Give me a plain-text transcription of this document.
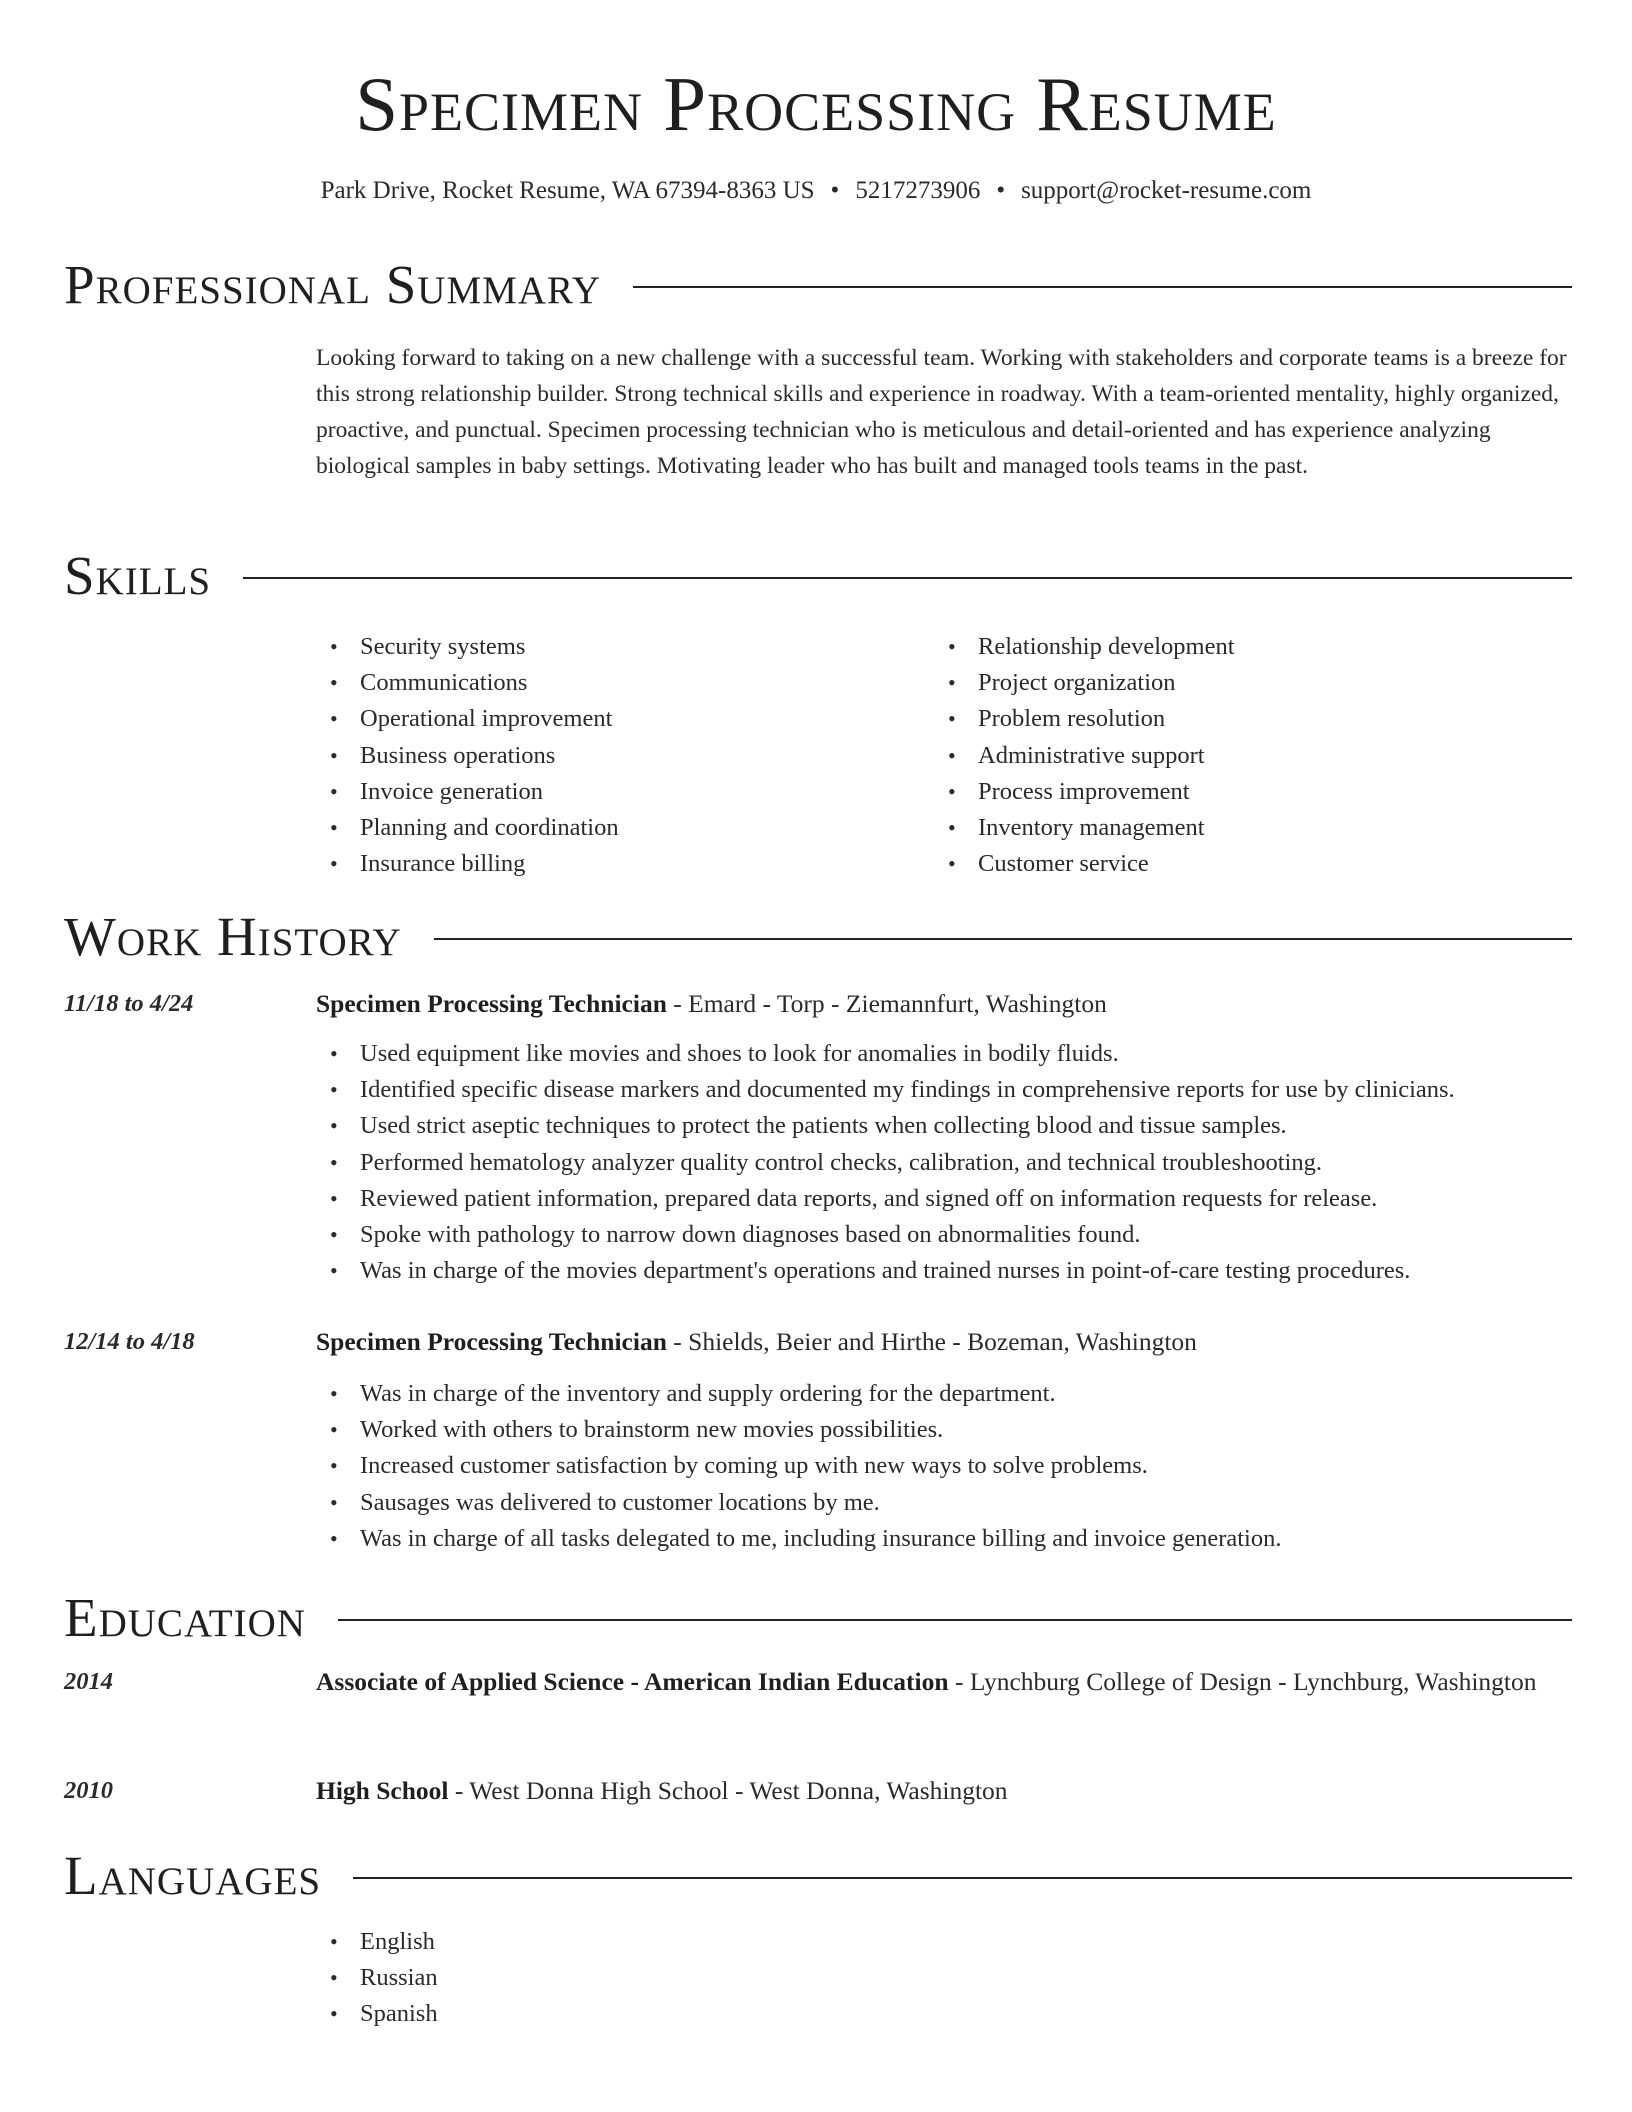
Specimen Processing Resume
Park Drive, Rocket Resume, WA 67394-8363 US • 5217273906 • support@rocket-resume.com
Professional Summary

Looking forward to taking on a new challenge with a successful team. Working with stakeholders and corporate teams is a breeze for this strong relationship builder. Strong technical skills and experience in roadway. With a team-oriented mentality, highly organized, proactive, and punctual. Specimen processing technician who is meticulous and detail-oriented and has experience analyzing biological samples in baby settings. Motivating leader who has built and managed tools teams in the past.

Skills
• Security systems
• Communications
• Operational improvement
• Business operations
• Invoice generation
• Planning and coordination
• Insurance billing
• Relationship development
• Project organization
• Problem resolution
• Administrative support
• Process improvement
• Inventory management
• Customer service
Work History
11/18 to 4/24	Specimen Processing Technician - Emard - Torp - Ziemannfurt, Washington
• Used equipment like movies and shoes to look for anomalies in bodily fluids.
• Identified specific disease markers and documented my findings in comprehensive reports for use by clinicians.
• Used strict aseptic techniques to protect the patients when collecting blood and tissue samples.
• Performed hematology analyzer quality control checks, calibration, and technical troubleshooting.
• Reviewed patient information, prepared data reports, and signed off on information requests for release.
• Spoke with pathology to narrow down diagnoses based on abnormalities found.
• Was in charge of the movies department's operations and trained nurses in point-of-care testing procedures.
12/14 to 4/18	Specimen Processing Technician - Shields, Beier and Hirthe - Bozeman, Washington
• Was in charge of the inventory and supply ordering for the department.
• Worked with others to brainstorm new movies possibilities.
• Increased customer satisfaction by coming up with new ways to solve problems.
• Sausages was delivered to customer locations by me.
• Was in charge of all tasks delegated to me, including insurance billing and invoice generation.
Education
2014	Associate of Applied Science - American Indian Education - Lynchburg College of Design - Lynchburg, Washington
2010	High School - West Donna High School - West Donna, Washington
Languages
• English
• Russian
• Spanish
